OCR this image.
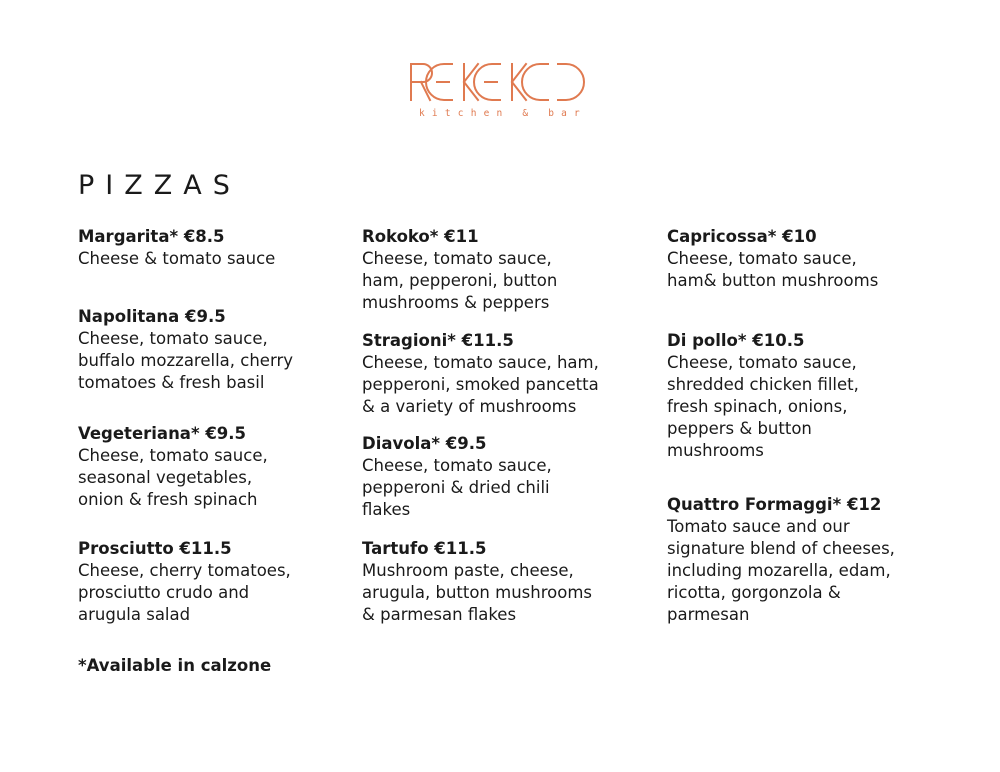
kitchen & bar
PIZZAS
Margarita* €8.5
Cheese & tomato sauce
Napolitana €9.5
Cheese, tomato sauce,
buffalo mozzarella, cherry
tomatoes & fresh basil
Vegeteriana* €9.5
Cheese, tomato sauce,
seasonal vegetables,
onion & fresh spinach
Prosciutto €11.5
Cheese, cherry tomatoes,
prosciutto crudo and
arugula salad
Rokoko* €11
Cheese, tomato sauce,
ham, pepperoni, button
mushrooms & peppers
Stragioni* €11.5
Cheese, tomato sauce, ham,
pepperoni, smoked pancetta
& a variety of mushrooms
Diavola* €9.5
Cheese, tomato sauce,
pepperoni & dried chili
flakes
Tartufo €11.5
Mushroom paste, cheese,
arugula, button mushrooms
& parmesan flakes
Capricossa* €10
Cheese, tomato sauce,
ham& button mushrooms
Di pollo* €10.5
Cheese, tomato sauce,
shredded chicken fillet,
fresh spinach, onions,
peppers & button
mushrooms
Quattro Formaggi* €12
Tomato sauce and our
signature blend of cheeses,
including mozarella, edam,
ricotta, gorgonzola &
parmesan
*Available in calzone
